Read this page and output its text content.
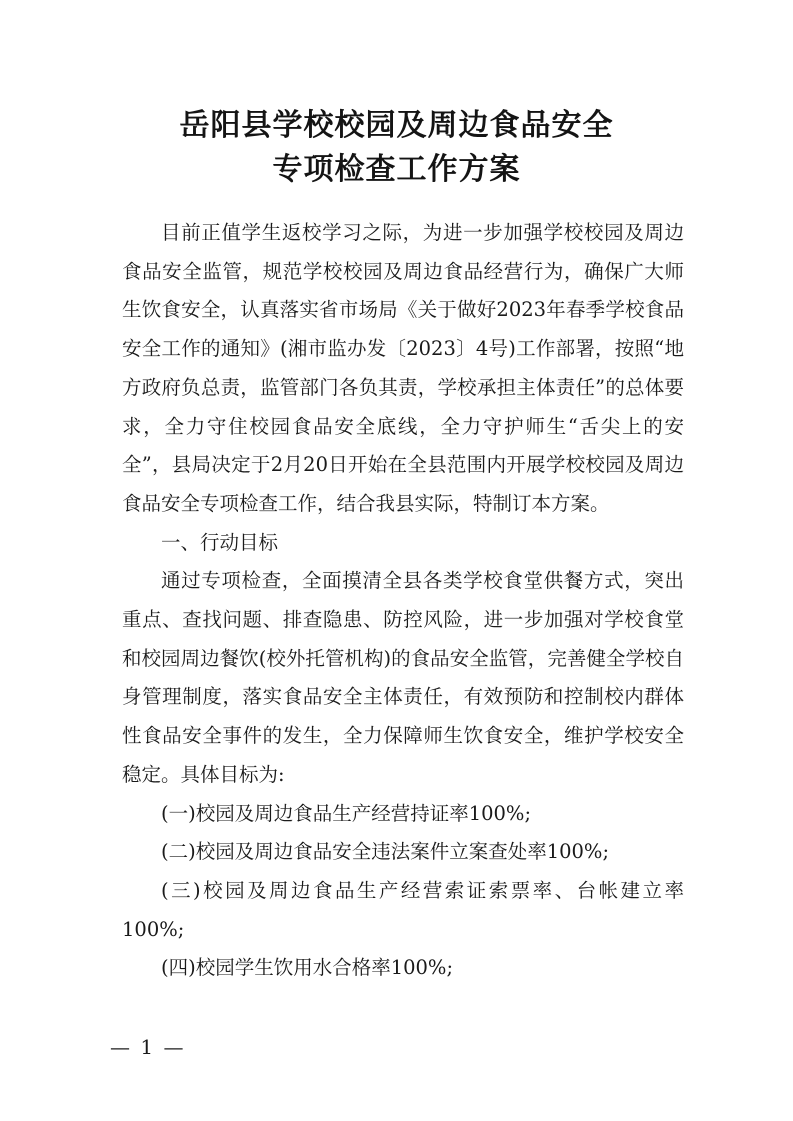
岳阳县学校校园及周边食品安全
专项检查工作方案

目前正值学生返校学习之际，为进一步加强学校校园及周边食品安全监管，规范学校校园及周边食品经营行为，确保广大师生饮食安全，认真落实省市场局《关于做好2023年春季学校食品安全工作的通知》(湘市监办发〔2023〕4号)工作部署，按照“地方政府负总责，监管部门各负其责，学校承担主体责任”的总体要求，全力守住校园食品安全底线，全力守护师生“舌尖上的安全”，县局决定于2月20日开始在全县范围内开展学校校园及周边食品安全专项检查工作，结合我县实际，特制订本方案。

一、行动目标

通过专项检查，全面摸清全县各类学校食堂供餐方式，突出重点、查找问题、排查隐患、防控风险，进一步加强对学校食堂和校园周边餐饮(校外托管机构)的食品安全监管，完善健全学校自身管理制度，落实食品安全主体责任，有效预防和控制校内群体性食品安全事件的发生，全力保障师生饮食安全，维护学校安全稳定。具体目标为:

(一)校园及周边食品生产经营持证率100%;

(二)校园及周边食品安全违法案件立案查处率100%;

(三)校园及周边食品生产经营索证索票率、台帐建立率100%;

(四)校园学生饮用水合格率100%;

— 1 —
